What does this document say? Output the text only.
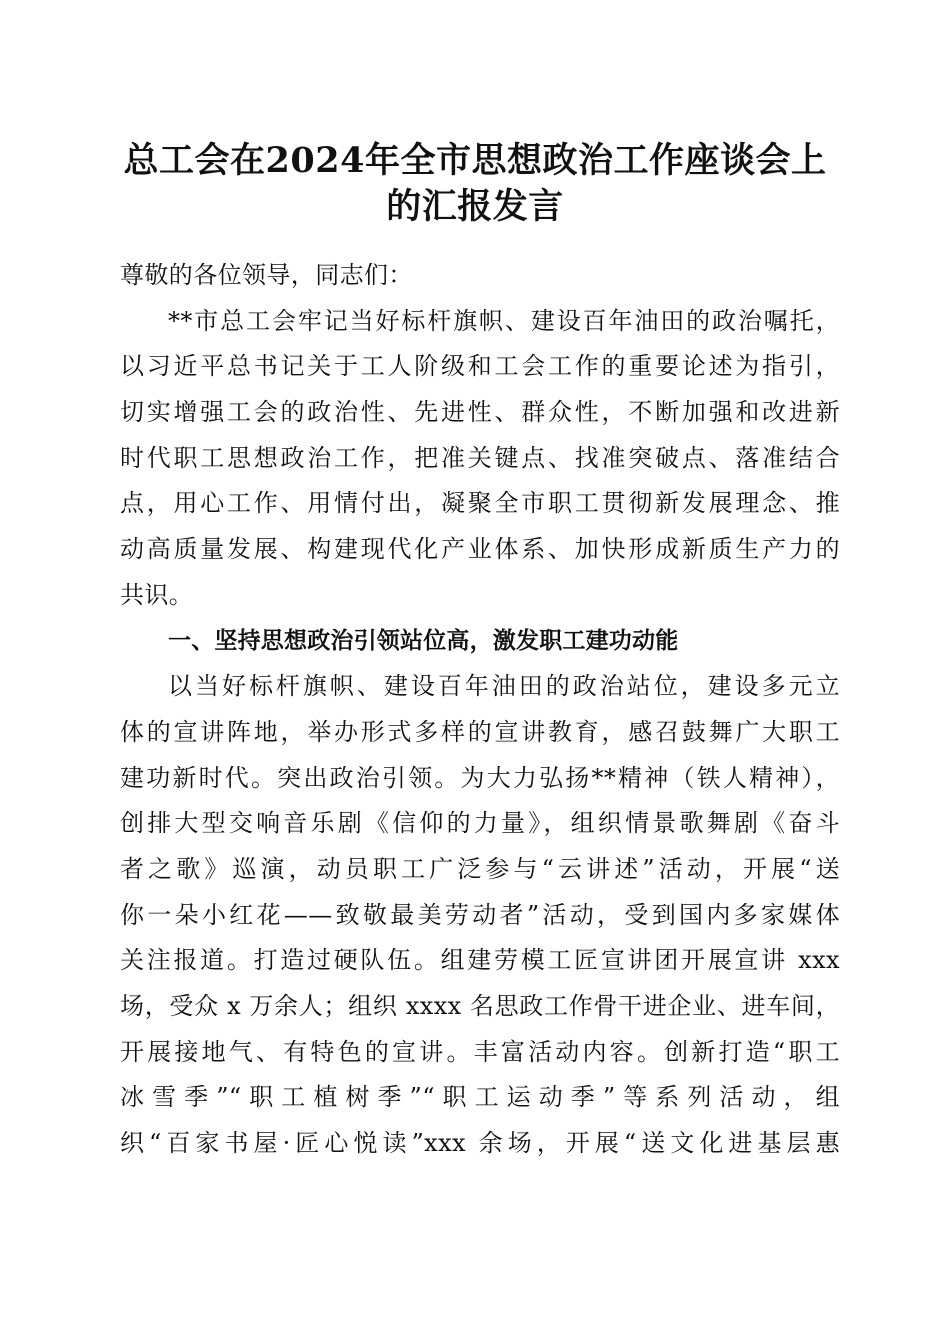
总工会在2024年全市思想政治工作座谈会上
的汇报发言
尊敬的各位领导，同志们：
**市总工会牢记当好标杆旗帜、建设百年油田的政治嘱托，
以习近平总书记关于工人阶级和工会工作的重要论述为指引，
切实增强工会的政治性、先进性、群众性，不断加强和改进新
时代职工思想政治工作，把准关键点、找准突破点、落准结合
点，用心工作、用情付出，凝聚全市职工贯彻新发展理念、推
动高质量发展、构建现代化产业体系、加快形成新质生产力的
共识。
一、坚持思想政治引领站位高，激发职工建功动能
以当好标杆旗帜、建设百年油田的政治站位，建设多元立
体的宣讲阵地，举办形式多样的宣讲教育，感召鼓舞广大职工
建功新时代。突出政治引领。为大力弘扬**精神（铁人精神），
创排大型交响音乐剧《信仰的力量》，组织情景歌舞剧《奋斗
者之歌》巡演，动员职工广泛参与“云讲述”活动，开展“送
你一朵小红花——致敬最美劳动者”活动，受到国内多家媒体
关注报道。打造过硬队伍。组建劳模工匠宣讲团开展宣讲 xxx
场，受众 x 万余人；组织 xxxx 名思政工作骨干进企业、进车间，
开展接地气、有特色的宣讲。丰富活动内容。创新打造“职工
冰雪季”“职工植树季”“职工运动季”等系列活动，组
织“百家书屋·匠心悦读”xxx 余场，开展“送文化进基层惠
